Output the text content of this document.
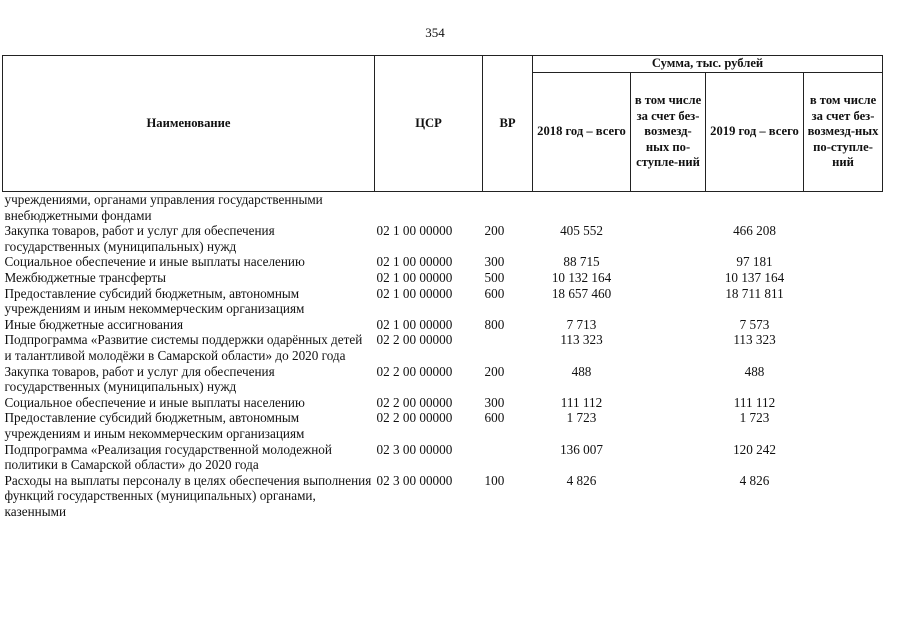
354
Наименование	ЦСР	ВР	Сумма, тыс. рублей			
			2018 год – всего	в том числе за счет без-возмезд-ных по-ступле-ний	2019 год – всего	в том числе за счет без-возмезд-ных по-ступле-ний
учреждениями, органами управления государственными внебюджетными фондами						
Закупка товаров, работ и услуг для обеспечения государственных (муниципальных) нужд	02 1 00 00000	200	405 552		466 208	
Социальное обеспечение и иные выплаты населению	02 1 00 00000	300	88 715		97 181	
Межбюджетные трансферты	02 1 00 00000	500	10 132 164		10 137 164	
Предоставление субсидий бюджетным, автономным учреждениям и иным некоммерческим организациям	02 1 00 00000	600	18 657 460		18 711 811	
Иные бюджетные ассигнования	02 1 00 00000	800	7 713		7 573	
Подпрограмма «Развитие системы поддержки одарённых детей и талантливой молодёжи в Самарской области» до 2020 года	02 2 00 00000		113 323		113 323	
Закупка товаров, работ и услуг для обеспечения государственных (муниципальных) нужд	02 2 00 00000	200	488		488	
Социальное обеспечение и иные выплаты населению	02 2 00 00000	300	111 112		111 112	
Предоставление субсидий бюджетным, автономным учреждениям и иным некоммерческим организациям	02 2 00 00000	600	1 723		1 723	
Подпрограмма «Реализация государственной молодежной политики в Самарской области» до 2020 года	02 3 00 00000		136 007		120 242	
Расходы на выплаты персоналу в целях обеспечения выполнения функций государственных (муниципальных) органами, казенными	02 3 00 00000	100	4 826		4 826	
